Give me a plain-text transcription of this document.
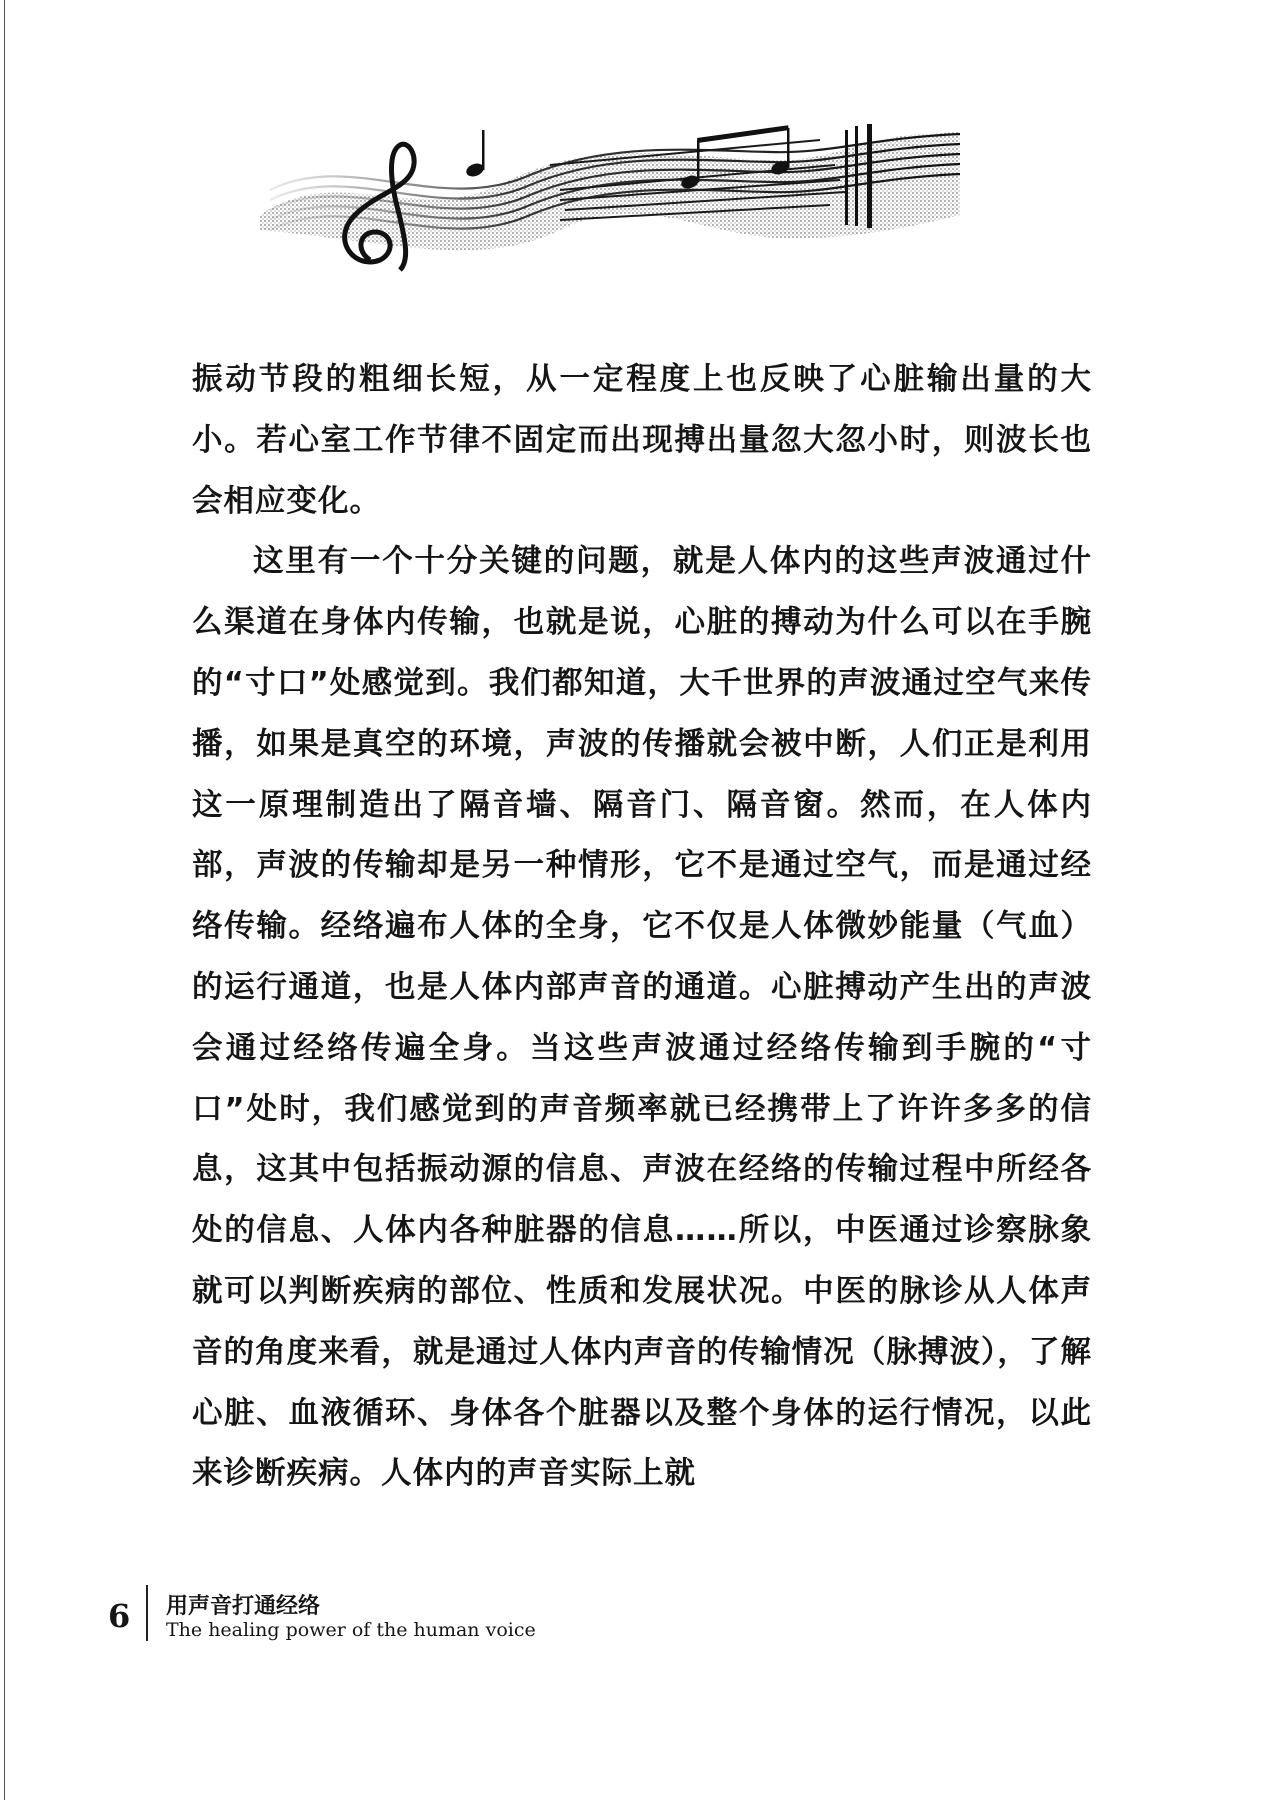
振动节段的粗细长短，从一定程度上也反映了心脏输出量的大小。若心室工作节律不固定而出现搏出量忽大忽小时，则波长也会相应变化。

这里有一个十分关键的问题，就是人体内的这些声波通过什么渠道在身体内传输，也就是说，心脏的搏动为什么可以在手腕的“寸口”处感觉到。我们都知道，大千世界的声波通过空气来传播，如果是真空的环境，声波的传播就会被中断，人们正是利用这一原理制造出了隔音墙、隔音门、隔音窗。然而，在人体内部，声波的传输却是另一种情形，它不是通过空气，而是通过经络传输。经络遍布人体的全身，它不仅是人体微妙能量（气血）的运行通道，也是人体内部声音的通道。心脏搏动产生出的声波会通过经络传遍全身。当这些声波通过经络传输到手腕的“寸口”处时，我们感觉到的声音频率就已经携带上了许许多多的信息，这其中包括振动源的信息、声波在经络的传输过程中所经各处的信息、人体内各种脏器的信息……所以，中医通过诊察脉象就可以判断疾病的部位、性质和发展状况。中医的脉诊从人体声音的角度来看，就是通过人体内声音的传输情况（脉搏波），了解心脏、血液循环、身体各个脏器以及整个身体的运行情况，以此来诊断疾病。人体内的声音实际上就

6 用声音打通经络
The healing power of the human voice
